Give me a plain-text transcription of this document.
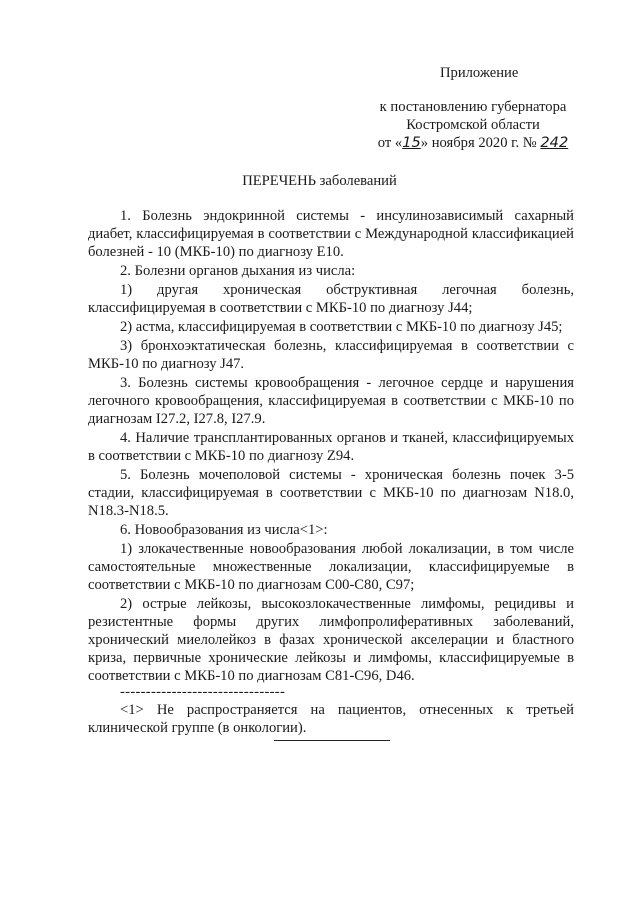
Приложение
к постановлению губернатора
Костромской области
от «15» ноября 2020 г. № 242
ПЕРЕЧЕНЬ заболеваний

1. Болезнь эндокринной системы - инсулинозависимый сахарный диабет, классифицируемая в соответствии с Международной классификацией болезней - 10 (МКБ-10) по диагнозу Е10.

2. Болезни органов дыхания из числа:

1) другая хроническая обструктивная легочная болезнь, классифицируемая в соответствии с МКБ-10 по диагнозу J44;

2) астма, классифицируемая в соответствии с МКБ-10 по диагнозу J45;

3) бронхоэктатическая болезнь, классифицируемая в соответствии с МКБ-10 по диагнозу J47.

3. Болезнь системы кровообращения - легочное сердце и нарушения легочного кровообращения, классифицируемая в соответствии с МКБ-10 по диагнозам I27.2, I27.8, I27.9.

4. Наличие трансплантированных органов и тканей, классифицируемых в соответствии с МКБ-10 по диагнозу Z94.

5. Болезнь мочеполовой системы - хроническая болезнь почек 3-5 стадии, классифицируемая в соответствии с МКБ-10 по диагнозам N18.0, N18.3-N18.5.

6. Новообразования из числа<1>:

1) злокачественные новообразования любой локализации, в том числе самостоятельные множественные локализации, классифицируемые в соответствии с МКБ-10 по диагнозам С00-С80, С97;

2) острые лейкозы, высокозлокачественные лимфомы, рецидивы и резистентные формы других лимфопролиферативных заболеваний, хронический миелолейкоз в фазах хронической акселерации и бластного криза, первичные хронические лейкозы и лимфомы, классифицируемые в соответствии с МКБ-10 по диагнозам С81-С96, D46.

--------------------------------

<1> Не распространяется на пациентов, отнесенных к третьей клинической группе (в онкологии).
